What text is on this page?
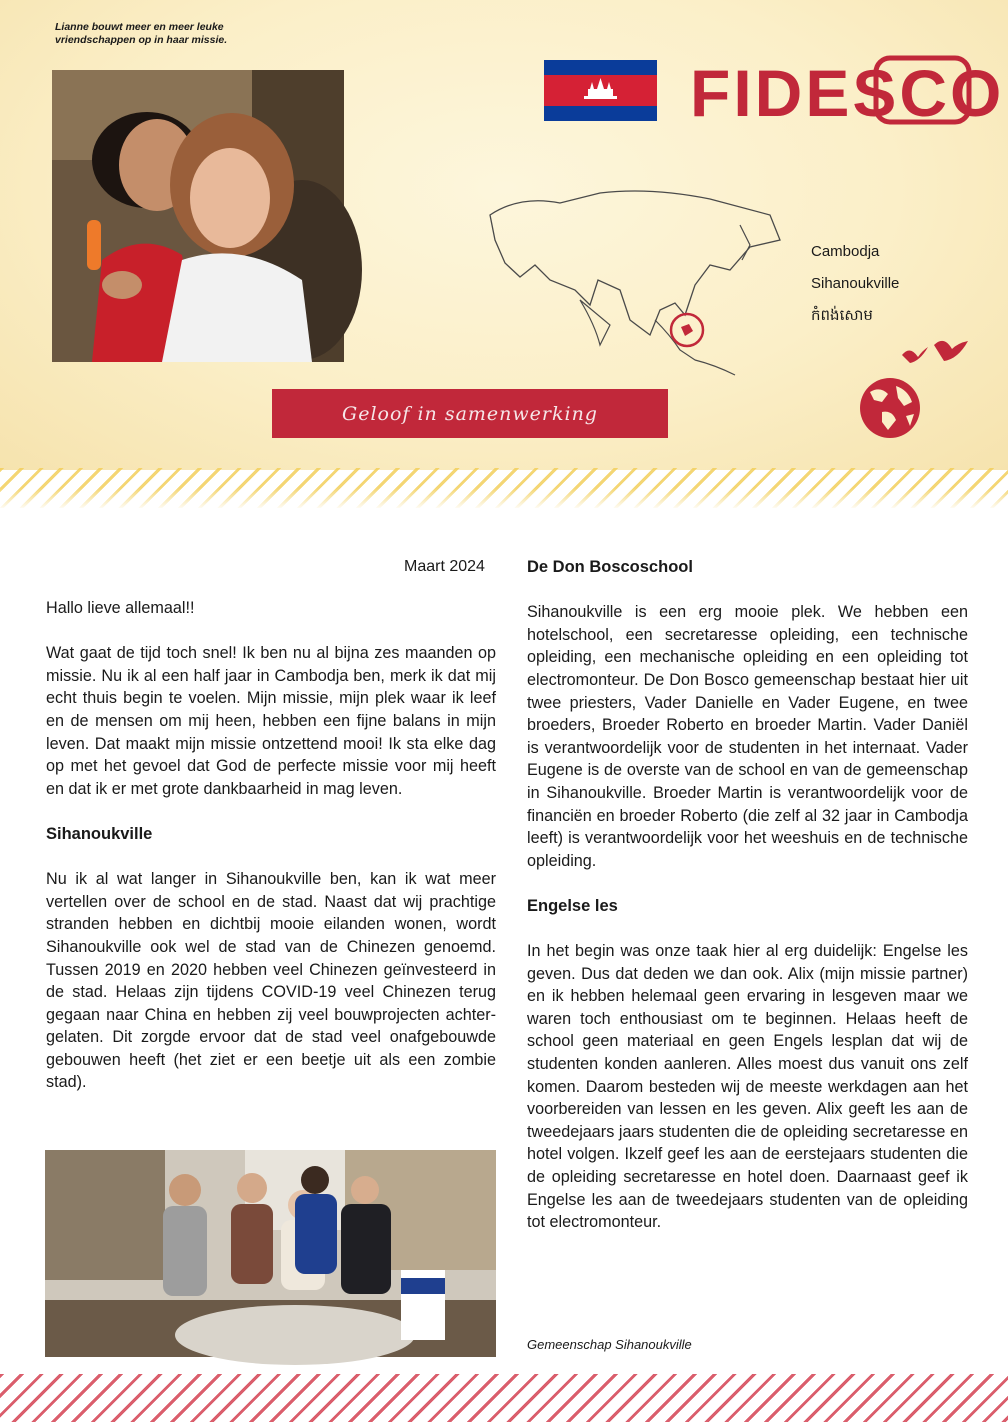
Lianne bouwt meer en meer leuke vriendschappen op in haar missie.
FIDESCO
Cambodja
Sihanoukville
កំពង់សោម
Geloof in samenwerking
Maart 2024

Hallo lieve allemaal!!

Wat gaat de tijd toch snel! Ik ben nu al bijna zes maanden op missie. Nu ik al een half jaar in Cambodja ben, merk ik dat mij echt thuis begin te voelen. Mijn missie, mijn plek waar ik leef en de mensen om mij heen, hebben een fijne balans in mijn leven. Dat maakt mijn missie ontzettend mooi! Ik sta elke dag op met het gevoel dat God de perfecte missie voor mij heeft en dat ik er met grote dankbaarheid in mag leven.

Sihanoukville

Nu ik al wat langer in Sihanoukville ben, kan ik wat meer vertellen over de school en de stad. Naast dat wij prachtige stranden hebben en dichtbij mooie eilanden wonen, wordt Sihanoukville ook wel de stad van de Chinezen genoemd. Tussen 2019 en 2020 hebben veel Chinezen geïnvesteerd in de stad. Helaas zijn tijdens COVID-19 veel Chinezen terug gegaan naar China en hebben zij veel bouwprojecten achter-gelaten. Dit zorgde ervoor dat de stad veel onafgebouwde gebouwen heeft (het ziet er een beetje uit als een zombie stad).

De Don Boscoschool

Sihanoukville is een erg mooie plek. We hebben een hotelschool, een secretaresse opleiding, een technische opleiding, een mechanische opleiding en een opleiding tot electromonteur. De Don Bosco gemeenschap bestaat hier uit twee priesters, Vader Danielle en Vader Eugene, en twee broeders, Broeder Roberto en broeder Martin. Vader Daniël is verantwoordelijk voor de studenten in het internaat. Vader Eugene is de overste van de school en van de gemeenschap in Sihanoukville. Broeder Martin is verantwoordelijk voor de financiën en broeder Roberto (die zelf al 32 jaar in Cambodja leeft) is verantwoordelijk voor het weeshuis en de technische opleiding.

Engelse les

In het begin was onze taak hier al erg duidelijk: Engelse les geven. Dus dat deden we dan ook. Alix (mijn missie partner) en ik hebben helemaal geen ervaring in lesgeven maar we waren toch enthousiast om te beginnen. Helaas heeft de school geen materiaal en geen Engels lesplan dat wij de studenten konden aanleren. Alles moest dus vanuit ons zelf komen. Daarom besteden wij de meeste werkdagen aan het voorbereiden van lessen en les geven. Alix geeft les aan de tweedejaars jaars studenten die de opleiding secretaresse en hotel volgen. Ikzelf geef les aan de eerstejaars studenten die de opleiding secretaresse en hotel doen. Daarnaast geef ik Engelse les aan de tweedejaars studenten van de opleiding tot electromonteur.

Gemeenschap Sihanoukville
